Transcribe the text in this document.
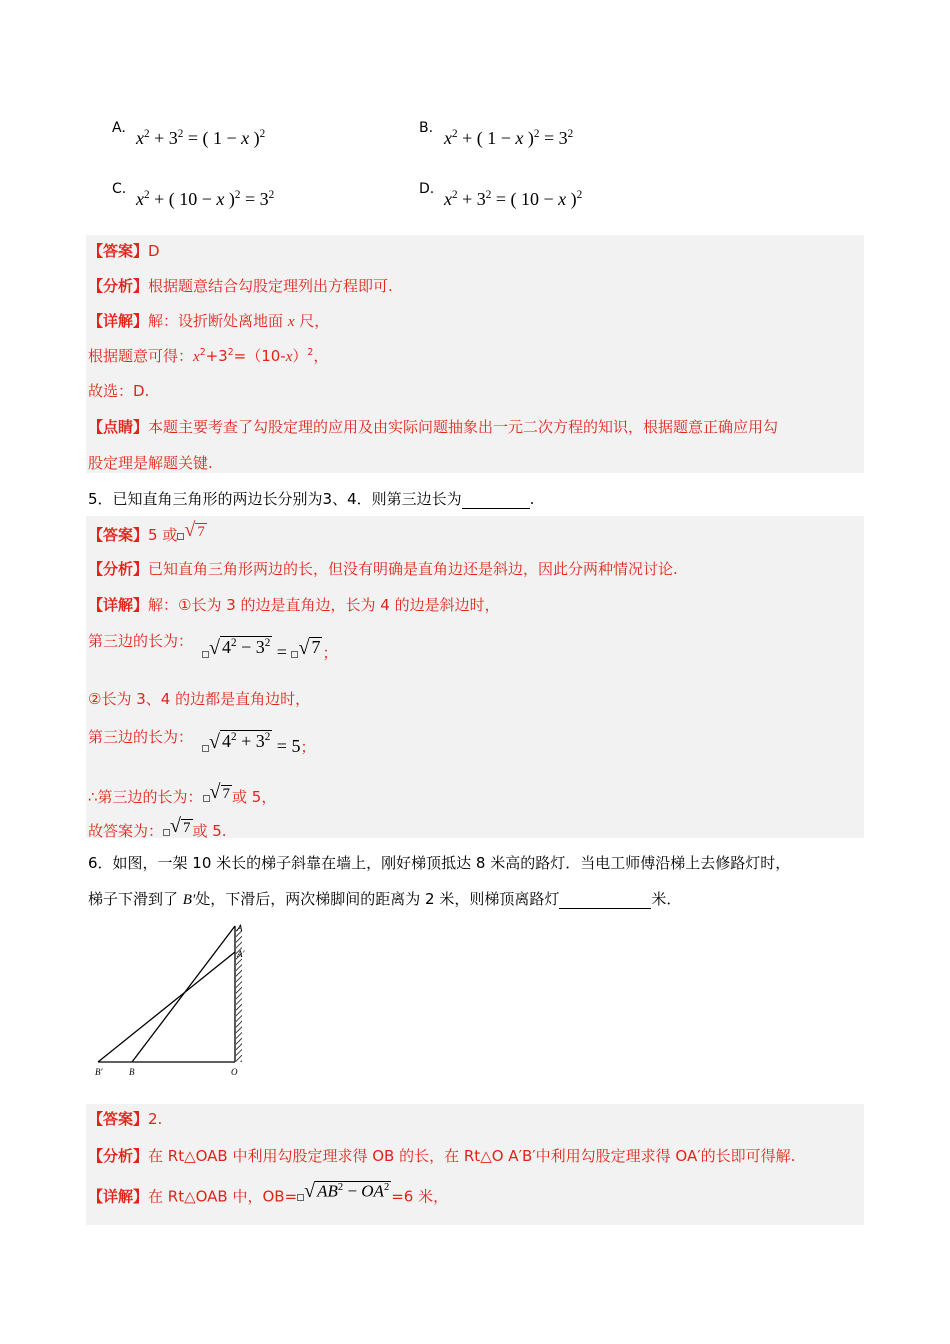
A. $x^2 + 3^2$ = ( 1 − x )$^2$	B. $x^2$ + ( 1 − x )$^2 = 3^2$
C. $x^2$ + ( 10 − x )$^2 = 3^2$	D. $x^2 + 3^2$ = ( 10 − x )$^2$
【答案】D
【分析】根据题意结合勾股定理列出方程即可.
【详解】解：设折断处离地面 x 尺，
根据题意可得：$x^2+3^2=(10-x)^2$，
故选：D.
【点睛】本题主要考查了勾股定理的应用及由实际问题抽象出一元二次方程的知识，根据题意正确应用勾
股定理是解题关键.
5．已知直角三角形的两边长分别为3、4．则第三边长为	.
【答案】5 或 √ 7
【分析】已知直角三角形两边的长，但没有明确是直角边还是斜边，因此分两种情况讨论.
【详解】解：①长为 3 的边是直角边，长为 4 的边是斜边时，
第三边的长为： √ $4^2 - 3^2$ = √ 7 ；
②长为 3、4 的边都是直角边时，
第三边的长为： √ $4^2 + 3^2 = 5$；
∴第三边的长为： √ 7 或 5，
故答案为： √ 7 或 5.
6．如图，一架 10 米长的梯子斜靠在墙上，刚好梯顶抵达 8 米高的路灯．当电工师傅沿梯上去修路灯时，
梯子下滑到了 B′处，下滑后，两次梯脚间的距离为 2 米，则梯顶离路灯	米．
A
A′
B′	B	O
【答案】2.
【分析】在 Rt△OAB 中利用勾股定理求得 OB 的长，在 Rt△O A′B′中利用勾股定理求得 OA′的长即可得解.
【详解】在 Rt△OAB 中，OB= √ $AB^2 - OA^2 =6$ 米，
